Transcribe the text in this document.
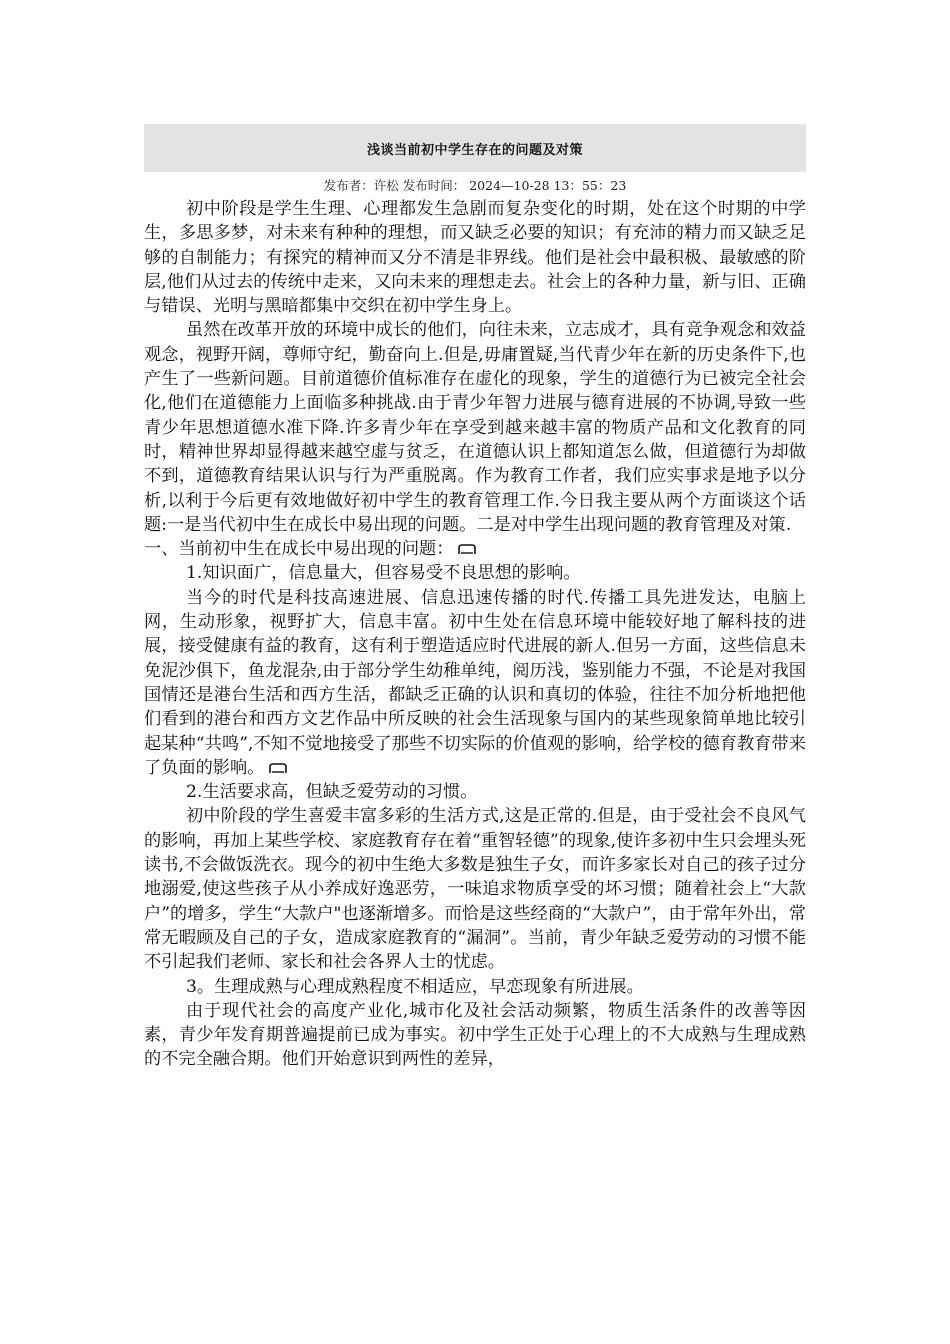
浅谈当前初中学生存在的问题及对策
发布者：许松 发布时间： 2024—10-28 13：55：23

初中阶段是学生生理、心理都发生急剧而复杂变化的时期，处在这个时期的中学生，多思多梦，对未来有种种的理想，而又缺乏必要的知识；有充沛的精力而又缺乏足够的自制能力；有探究的精神而又分不清是非界线。他们是社会中最积极、最敏感的阶层,他们从过去的传统中走来，又向未来的理想走去。社会上的各种力量，新与旧、正确与错误、光明与黑暗都集中交织在初中学生身上。

虽然在改革开放的环境中成长的他们，向往未来，立志成才，具有竞争观念和效益观念，视野开阔，尊师守纪，勤奋向上.但是,毋庸置疑,当代青少年在新的历史条件下,也产生了一些新问题。目前道德价值标准存在虚化的现象，学生的道德行为已被完全社会化,他们在道德能力上面临多种挑战.由于青少年智力进展与德育进展的不协调,导致一些青少年思想道德水准下降.许多青少年在享受到越来越丰富的物质产品和文化教育的同时，精神世界却显得越来越空虚与贫乏，在道德认识上都知道怎么做，但道德行为却做不到，道德教育结果认识与行为严重脱离。作为教育工作者，我们应实事求是地予以分析,以利于今后更有效地做好初中学生的教育管理工作.今日我主要从两个方面谈这个话题:一是当代初中生在成长中易出现的问题。二是对中学生出现问题的教育管理及对策.

一、当前初中生在成长中易出现的问题：

1.知识面广，信息量大，但容易受不良思想的影响。

当今的时代是科技高速进展、信息迅速传播的时代.传播工具先进发达，电脑上网，生动形象，视野扩大，信息丰富。初中生处在信息环境中能较好地了解科技的进展，接受健康有益的教育，这有利于塑造适应时代进展的新人.但另一方面，这些信息未免泥沙俱下，鱼龙混杂,由于部分学生幼稚单纯，阅历浅，鉴别能力不强，不论是对我国国情还是港台生活和西方生活，都缺乏正确的认识和真切的体验，往往不加分析地把他们看到的港台和西方文艺作品中所反映的社会生活现象与国内的某些现象简单地比较引起某种“共鸣”,不知不觉地接受了那些不切实际的价值观的影响，给学校的德育教育带来了负面的影响。

2.生活要求高，但缺乏爱劳动的习惯。

初中阶段的学生喜爱丰富多彩的生活方式,这是正常的.但是，由于受社会不良风气的影响，再加上某些学校、家庭教育存在着“重智轻德”的现象,使许多初中生只会埋头死读书,不会做饭洗衣。现今的初中生绝大多数是独生子女，而许多家长对自己的孩子过分地溺爱,使这些孩子从小养成好逸恶劳，一味追求物质享受的坏习惯；随着社会上“大款户”的增多，学生“大款户"也逐渐增多。而恰是这些经商的“大款户”，由于常年外出，常常无暇顾及自己的子女，造成家庭教育的“漏洞”。当前，青少年缺乏爱劳动的习惯不能不引起我们老师、家长和社会各界人士的忧虑。

3。生理成熟与心理成熟程度不相适应，早恋现象有所进展。

由于现代社会的高度产业化,城市化及社会活动频繁，物质生活条件的改善等因素，青少年发育期普遍提前已成为事实。初中学生正处于心理上的不大成熟与生理成熟的不完全融合期。他们开始意识到两性的差异，
